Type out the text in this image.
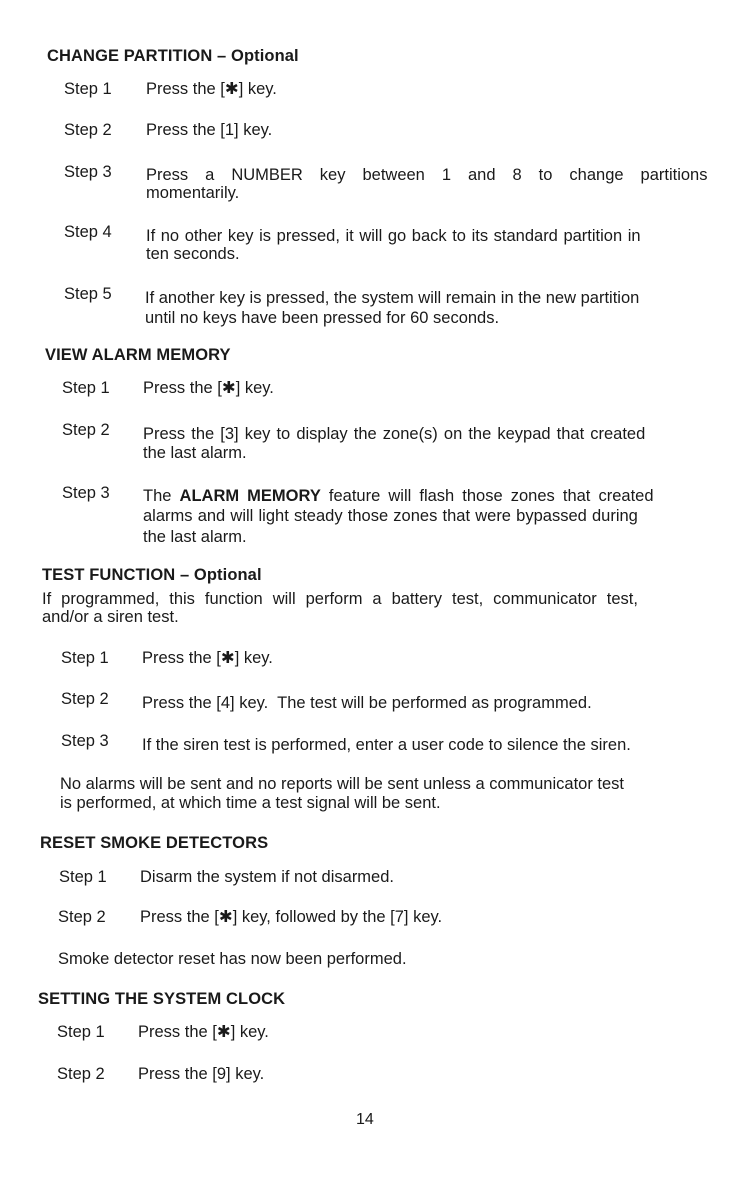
CHANGE PARTITION – Optional
Step 1 Press the [✱] key.
Step 2 Press the [1] key.
Step 3 Press a NUMBER key between 1 and 8 to change partitions
momentarily.
Step 4 If no other key is pressed, it will go back to its standard partition in
ten seconds.
Step 5 If another key is pressed, the system will remain in the new partition
until no keys have been pressed for 60 seconds.
VIEW ALARM MEMORY
Step 1 Press the [✱] key.
Step 2 Press the [3] key to display the zone(s) on the keypad that created
the last alarm.
Step 3 The ALARM MEMORY feature will flash those zones that created
alarms and will light steady those zones that were bypassed during
the last alarm.
TEST FUNCTION – Optional
If programmed, this function will perform a battery test, communicator test,
and/or a siren test.
Step 1 Press the [✱] key.
Step 2 Press the [4] key.  The test will be performed as programmed.
Step 3 If the siren test is performed, enter a user code to silence the siren.
No alarms will be sent and no reports will be sent unless a communicator test
is performed, at which time a test signal will be sent.
RESET SMOKE DETECTORS
Step 1 Disarm the system if not disarmed.
Step 2 Press the [✱] key, followed by the [7] key.
Smoke detector reset has now been performed.
SETTING THE SYSTEM CLOCK
Step 1 Press the [✱] key.
Step 2 Press the [9] key.
14
